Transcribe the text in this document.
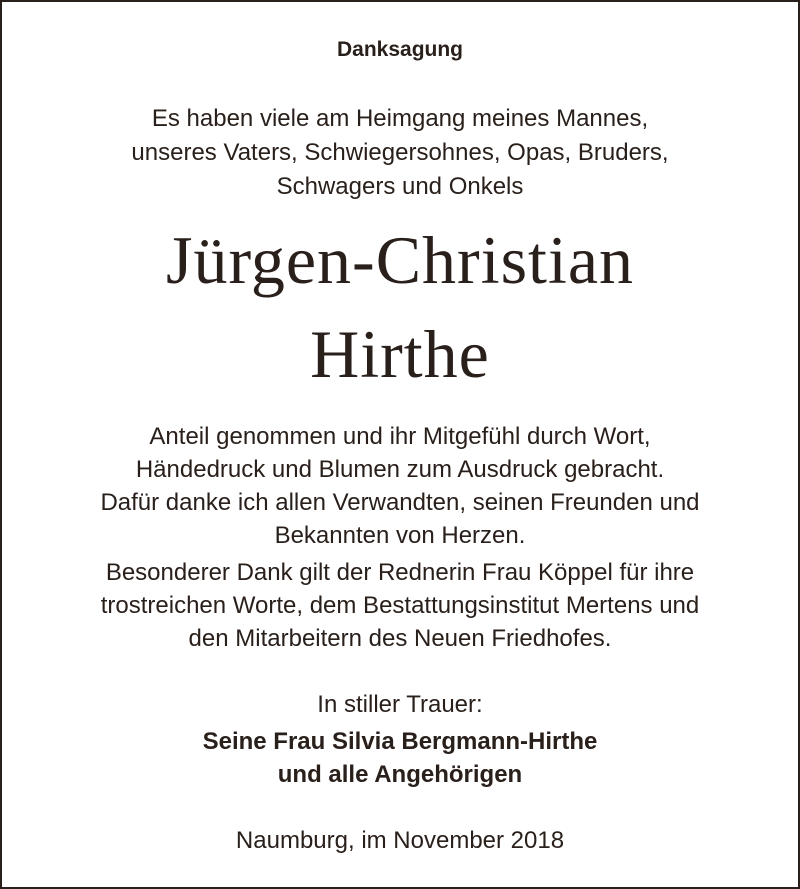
Danksagung

Es haben viele am Heimgang meines Mannes,

unseres Vaters, Schwiegersohnes, Opas, Bruders,

Schwagers und Onkels

Jürgen-Christian

Hirthe

Anteil genommen und ihr Mitgefühl durch Wort,

Händedruck und Blumen zum Ausdruck gebracht.

Dafür danke ich allen Verwandten, seinen Freunden und

Bekannten von Herzen.

Besonderer Dank gilt der Rednerin Frau Köppel für ihre

trostreichen Worte, dem Bestattungsinstitut Mertens und

den Mitarbeitern des Neuen Friedhofes.

In stiller Trauer:

Seine Frau Silvia Bergmann-Hirthe

und alle Angehörigen

Naumburg, im November 2018
